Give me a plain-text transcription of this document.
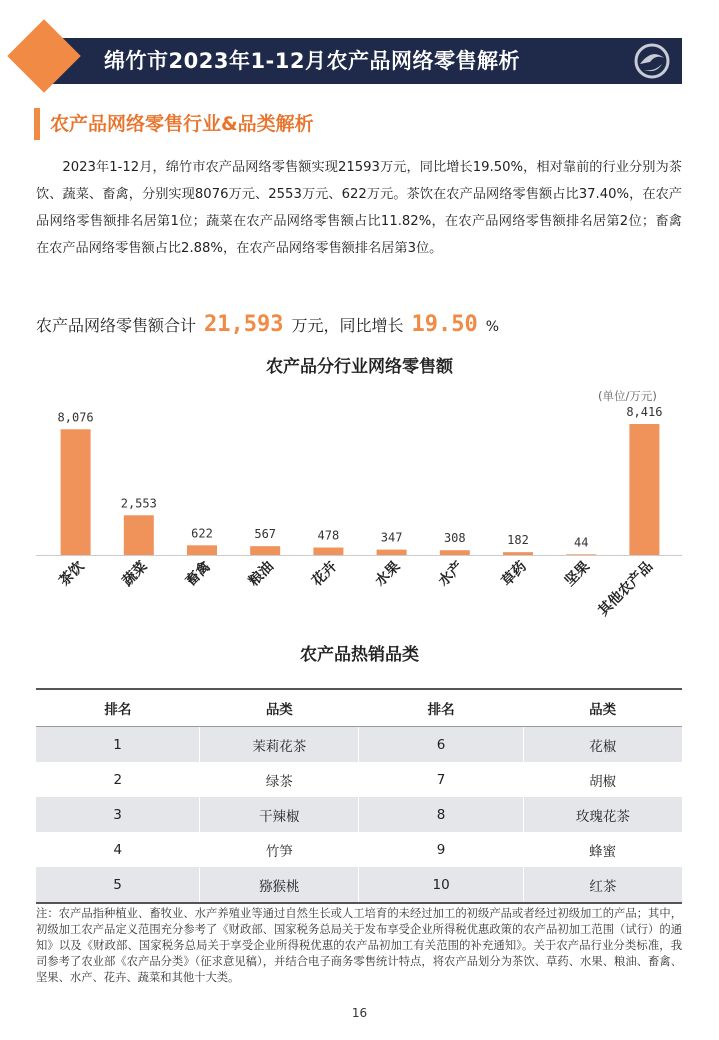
绵竹市2023年1-12月农产品网络零售解析
农产品网络零售行业&品类解析
2023年1-12月，绵竹市农产品网络零售额实现21593万元，同比增长19.50%，相对靠前的行业分别为茶饮、蔬菜、畜禽，分别实现8076万元、2553万元、622万元。茶饮在农产品网络零售额占比37.40%，在农产品网络零售额排名居第1位；蔬菜在农产品网络零售额占比11.82%，在农产品网络零售额排名居第2位；畜禽在农产品网络零售额占比2.88%，在农产品网络零售额排名居第3位。
农产品网络零售额合计 21,593 万元，同比增长 19.50 %
农产品分行业网络零售额
(单位/万元)
8,076
茶饮
2,553
蔬菜
622
畜禽
567
粮油
478
花卉
347
水果
308
水产
182
草药
44
坚果
8,416
其他农产品
农产品热销品类
排名	品类	排名	品类
1	茉莉花茶	6	花椒
2	绿茶	7	胡椒
3	干辣椒	8	玫瑰花茶
4	竹笋	9	蜂蜜
5	猕猴桃	10	红茶
注：农产品指种植业、畜牧业、水产养殖业等通过自然生长或人工培育的未经过加工的初级产品或者经过初级加工的产品；其中，初级加工农产品定义范围充分参考了《财政部、国家税务总局关于发布享受企业所得税优惠政策的农产品初加工范围（试行）的通知》以及《财政部、国家税务总局关于享受企业所得税优惠的农产品初加工有关范围的补充通知》。关于农产品行业分类标准，我司参考了农业部《农产品分类》（征求意见稿），并结合电子商务零售统计特点，将农产品划分为茶饮、草药、水果、粮油、畜禽、坚果、水产、花卉、蔬菜和其他十大类。
16
